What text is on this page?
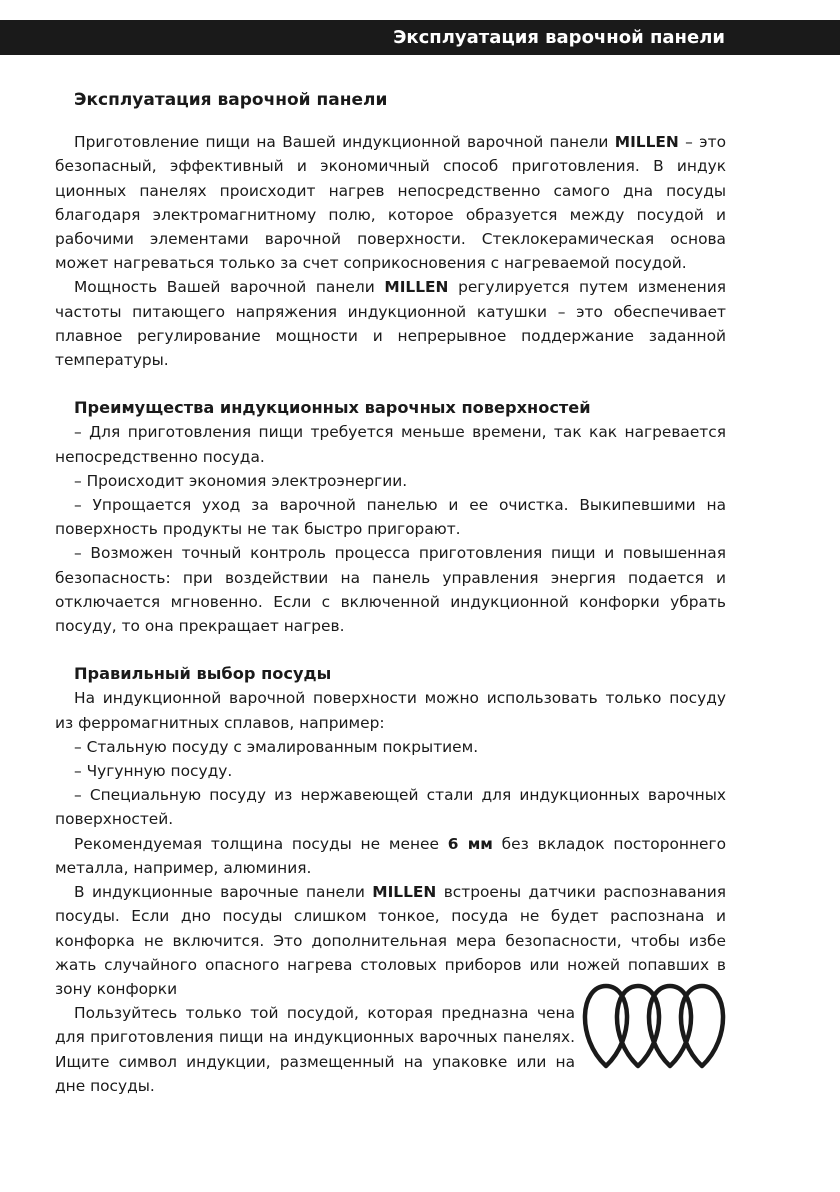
Эксплуатация варочной панели
Эксплуатация варочной панели

Приготовление пищи на Вашей индукционной варочной панели MILLEN – это безопасный, эффективный и экономичный способ приготовления. В индук ционных панелях происходит нагрев непосредственно самого дна посуды благодаря электромагнитному полю, которое образуется между посудой и рабочими элементами варочной поверхности. Стеклокерамическая основа может нагреваться только за счет соприкосновения с нагреваемой посудой.

Мощность Вашей варочной панели MILLEN регулируется путем изменения частоты питающего напряжения индукционной катушки – это обеспечивает плавное регулирование мощности и непрерывное поддержание заданной температуры.

Преимущества индукционных варочных поверхностей

– Для приготовления пищи требуется меньше времени, так как нагревается непосредственно посуда.

– Происходит экономия электроэнергии.

– Упрощается уход за варочной панелью и ее очистка. Выкипевшими на поверхность продукты не так быстро пригорают.

– Возможен точный контроль процесса приготовления пищи и повышенная безопасность: при воздействии на панель управления энергия подается и отключается мгновенно. Если с включенной индукционной конфорки убрать посуду, то она прекращает нагрев.

Правильный выбор посуды

На индукционной варочной поверхности можно использовать только посуду из ферромагнитных сплавов, например:

– Стальную посуду с эмалированным покрытием.

– Чугунную посуду.

– Специальную посуду из нержавеющей стали для индукционных варочных поверхностей.

Рекомендуемая толщина посуды не менее 6 мм без вкладок постороннего металла, например, алюминия.

В индукционные варочные панели MILLEN встроены датчики распознавания посуды. Если дно посуды слишком тонкое, посуда не будет распознана и конфорка не включится. Это дополнительная мера безопасности, чтобы избе жать случайного опасного нагрева столовых приборов или ножей попавших в зону конфорки

Пользуйтесь только той посудой, которая предназна чена для приготовления пищи на индукционных варочных панелях. Ищите символ индукции, размещенный на упаковке или на дне посуды.
